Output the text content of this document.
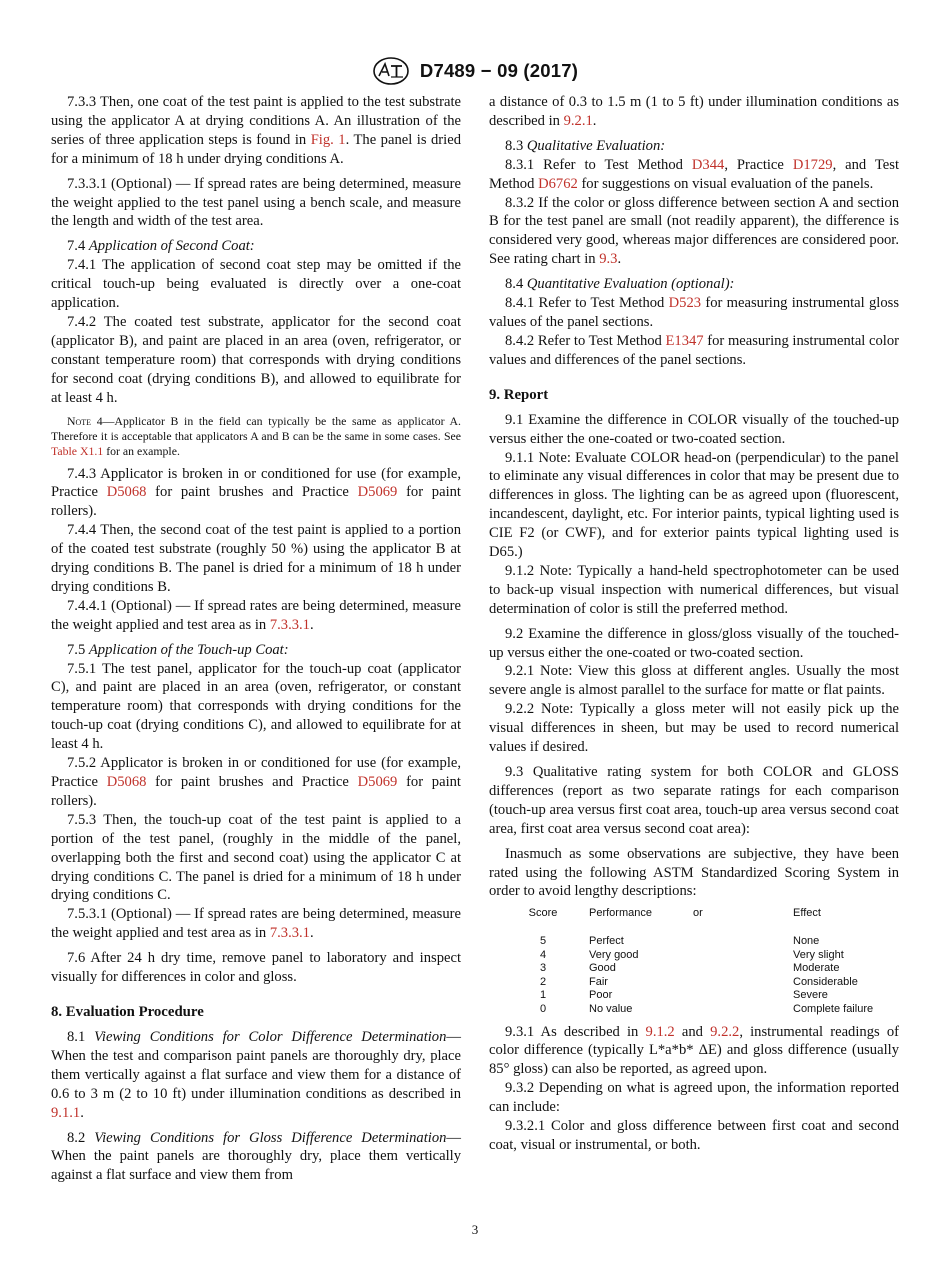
D7489 − 09 (2017)

7.3.3 Then, one coat of the test paint is applied to the test substrate using the applicator A at drying conditions A. An illustration of the series of three application steps is found in Fig. 1. The panel is dried for a minimum of 18 h under drying conditions A.

7.3.3.1 (Optional) — If spread rates are being determined, measure the weight applied to the test panel using a bench scale, and measure the length and width of the test area.

7.4 Application of Second Coat:

7.4.1 The application of second coat step may be omitted if the critical touch-up being evaluated is directly over a one-coat application.

7.4.2 The coated test substrate, applicator for the second coat (applicator B), and paint are placed in an area (oven, refrigerator, or constant temperature room) that corresponds with drying conditions for second coat (drying conditions B), and allowed to equilibrate for at least 4 h.

Note 4—Applicator B in the field can typically be the same as applicator A. Therefore it is acceptable that applicators A and B can be the same in some cases. See Table X1.1 for an example.

7.4.3 Applicator is broken in or conditioned for use (for example, Practice D5068 for paint brushes and Practice D5069 for paint rollers).

7.4.4 Then, the second coat of the test paint is applied to a portion of the coated test substrate (roughly 50 %) using the applicator B at drying conditions B. The panel is dried for a minimum of 18 h under drying conditions B.

7.4.4.1 (Optional) — If spread rates are being determined, measure the weight applied and test area as in 7.3.3.1.

7.5 Application of the Touch-up Coat:

7.5.1 The test panel, applicator for the touch-up coat (applicator C), and paint are placed in an area (oven, refrigerator, or constant temperature room) that corresponds with drying conditions for the touch-up coat (drying conditions C), and allowed to equilibrate for at least 4 h.

7.5.2 Applicator is broken in or conditioned for use (for example, Practice D5068 for paint brushes and Practice D5069 for paint rollers).

7.5.3 Then, the touch-up coat of the test paint is applied to a portion of the test panel, (roughly in the middle of the panel, overlapping both the first and second coat) using the applicator C at drying conditions C. The panel is dried for a minimum of 18 h under drying conditions C.

7.5.3.1 (Optional) — If spread rates are being determined, measure the weight applied and test area as in 7.3.3.1.

7.6 After 24 h dry time, remove panel to laboratory and inspect visually for differences in color and gloss.

8. Evaluation Procedure

8.1 Viewing Conditions for Color Difference Determination—When the test and comparison paint panels are thoroughly dry, place them vertically against a flat surface and view them for a distance of 0.6 to 3 m (2 to 10 ft) under illumination conditions as described in 9.1.1.

8.2 Viewing Conditions for Gloss Difference Determination—When the paint panels are thoroughly dry, place them vertically against a flat surface and view them from

a distance of 0.3 to 1.5 m (1 to 5 ft) under illumination conditions as described in 9.2.1.

8.3 Qualitative Evaluation:

8.3.1 Refer to Test Method D344, Practice D1729, and Test Method D6762 for suggestions on visual evaluation of the panels.

8.3.2 If the color or gloss difference between section A and section B for the test panel are small (not readily apparent), the difference is considered very good, whereas major differences are considered poor. See rating chart in 9.3.

8.4 Quantitative Evaluation (optional):

8.4.1 Refer to Test Method D523 for measuring instrumental gloss values of the panel sections.

8.4.2 Refer to Test Method E1347 for measuring instrumental color values and differences of the panel sections.

9. Report

9.1 Examine the difference in COLOR visually of the touched-up versus either the one-coated or two-coated section.

9.1.1 Note: Evaluate COLOR head-on (perpendicular) to the panel to eliminate any visual differences in color that may be present due to differences in gloss. The lighting can be as agreed upon (fluorescent, incandescent, daylight, etc. For interior paints, typical lighting used is CIE F2 (or CWF), and for exterior paints typical lighting used is D65.)

9.1.2 Note: Typically a hand-held spectrophotometer can be used to back-up visual inspection with numerical differences, but visual determination of color is still the preferred method.

9.2 Examine the difference in gloss/gloss visually of the touched-up versus either the one-coated or two-coated section.

9.2.1 Note: View this gloss at different angles. Usually the most severe angle is almost parallel to the surface for matte or flat paints.

9.2.2 Note: Typically a gloss meter will not easily pick up the visual differences in sheen, but may be used to record numerical values if desired.

9.3 Qualitative rating system for both COLOR and GLOSS differences (report as two separate ratings for each comparison (touch-up area versus first coat area, touch-up area versus second coat area, first coat area versus second coat area):

Inasmuch as some observations are subjective, they have been rated using the following ASTM Standardized Scoring System in order to avoid lengthy descriptions:

Score	Performance	or	Effect
5	Perfect		None
4	Very good		Very slight
3	Good		Moderate
2	Fair		Considerable
1	Poor		Severe
0	No value		Complete failure

9.3.1 As described in 9.1.2 and 9.2.2, instrumental readings of color difference (typically L*a*b* ΔE) and gloss difference (usually 85° gloss) can also be reported, as agreed upon.

9.3.2 Depending on what is agreed upon, the information reported can include:

9.3.2.1 Color and gloss difference between first coat and second coat, visual or instrumental, or both.

3
